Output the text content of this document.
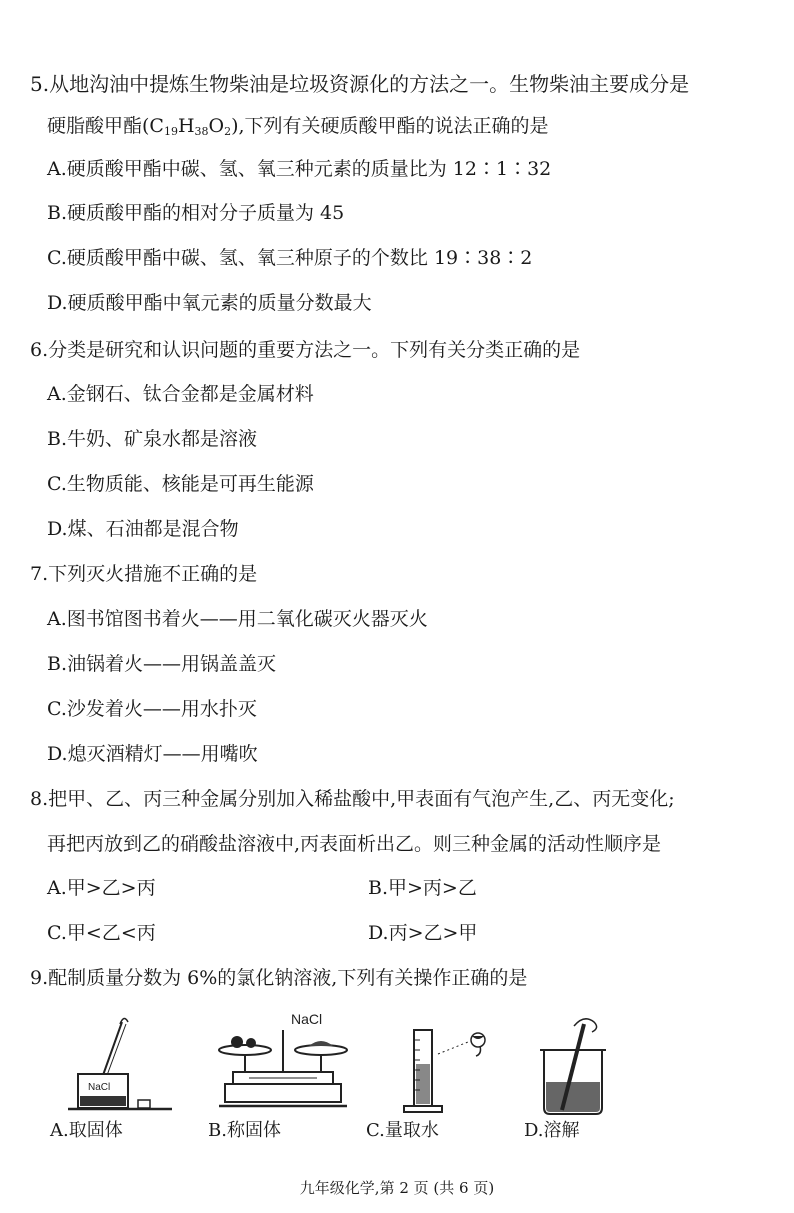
5.从地沟油中提炼生物柴油是垃圾资源化的方法之一。生物柴油主要成分是
硬脂酸甲酯$(C_{19}H_{38}O_2)$,下列有关硬质酸甲酯的说法正确的是
A.硬质酸甲酯中碳、氢、氧三种元素的质量比为 12∶1∶32
B.硬质酸甲酯的相对分子质量为 45
C.硬质酸甲酯中碳、氢、氧三种原子的个数比 19∶38∶2
D.硬质酸甲酯中氧元素的质量分数最大
6.分类是研究和认识问题的重要方法之一。下列有关分类正确的是
A.金钢石、钛合金都是金属材料
B.牛奶、矿泉水都是溶液
C.生物质能、核能是可再生能源
D.煤、石油都是混合物
7.下列灭火措施不正确的是
A.图书馆图书着火——用二氧化碳灭火器灭火
B.油锅着火——用锅盖盖灭
C.沙发着火——用水扑灭
D.熄灭酒精灯——用嘴吹
8.把甲、乙、丙三种金属分别加入稀盐酸中,甲表面有气泡产生,乙、丙无变化;
再把丙放到乙的硝酸盐溶液中,丙表面析出乙。则三种金属的活动性顺序是
A.甲>乙>丙	B.甲>丙>乙
C.甲<乙<丙	D.丙>乙>甲
9.配制质量分数为 6%的氯化钠溶液,下列有关操作正确的是
NaCl
A.取固体
NaCl
B.称固体	C.量取水	D.溶解
九年级化学,第 2 页 (共 6 页)
